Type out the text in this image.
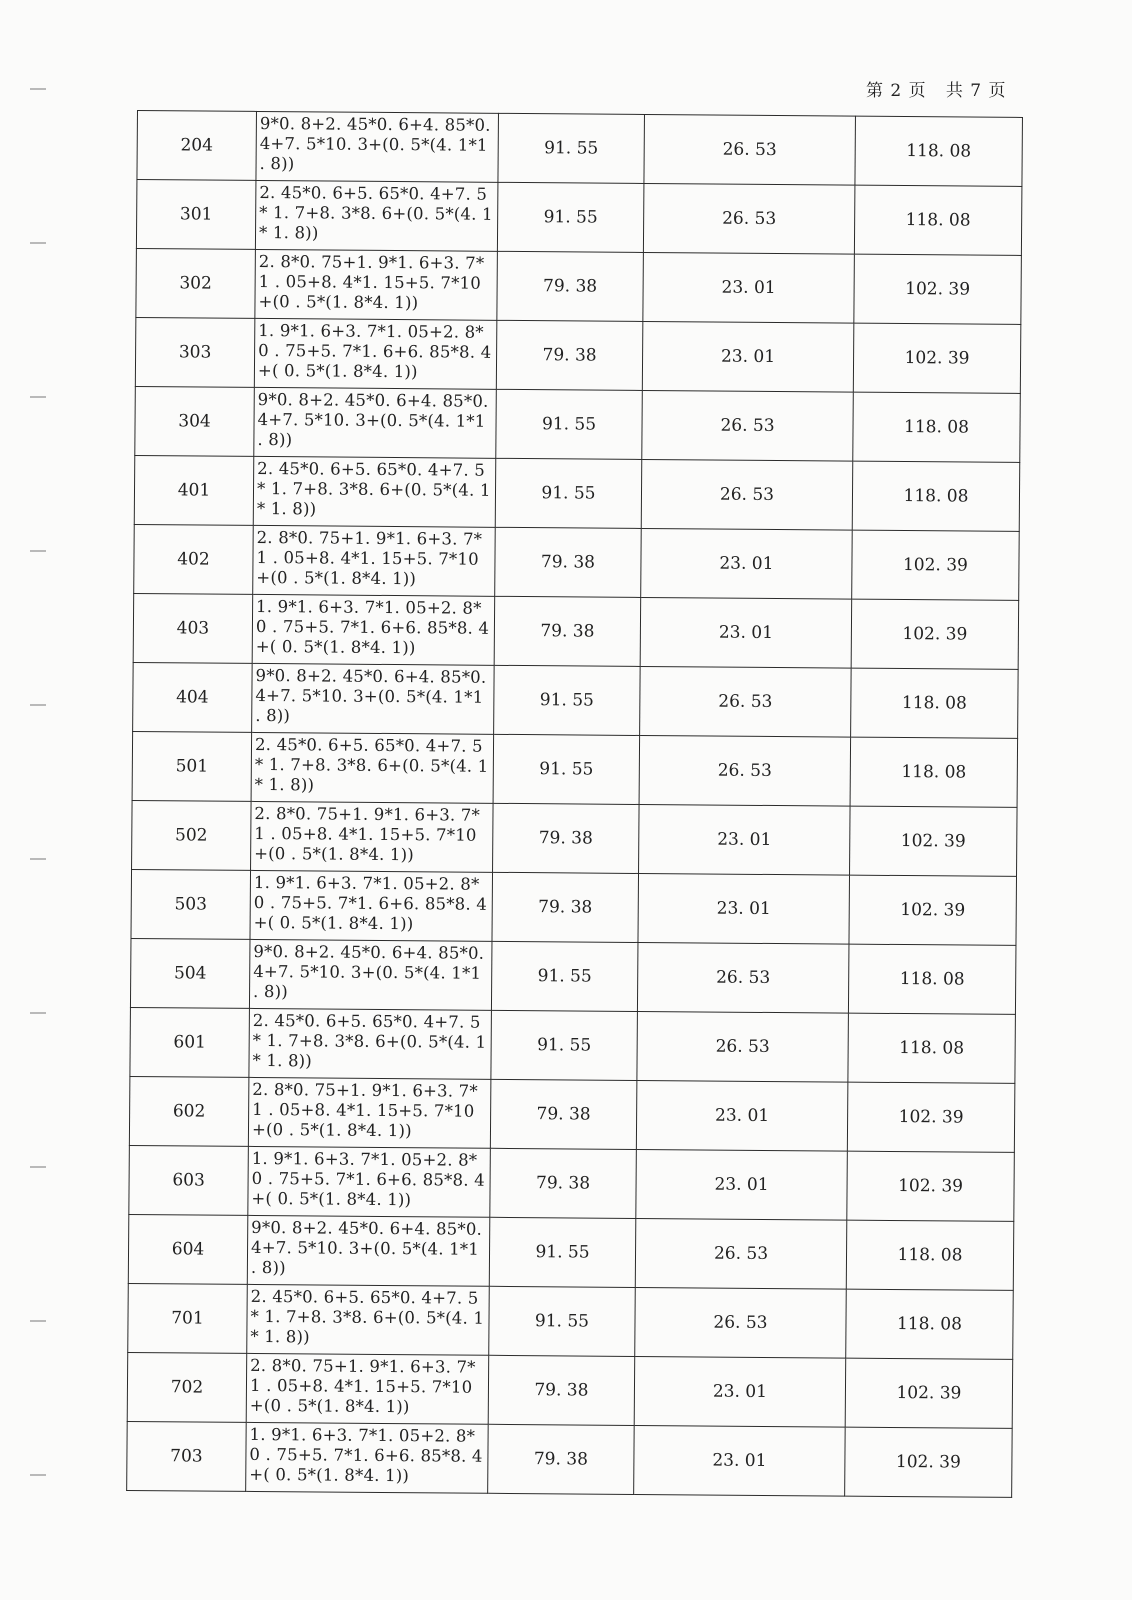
第 2 页   共 7 页
204	9*0. 8+2. 45*0. 6+4. 85*0. 4+7. 5*10. 3+(0. 5*(4. 1*1 . 8))	91. 55	26. 53	118. 08
301	2. 45*0. 6+5. 65*0. 4+7. 5* 1. 7+8. 3*8. 6+(0. 5*(4. 1* 1. 8))	91. 55	26. 53	118. 08
302	2. 8*0. 75+1. 9*1. 6+3. 7*1 . 05+8. 4*1. 15+5. 7*10+(0 . 5*(1. 8*4. 1))	79. 38	23. 01	102. 39
303	1. 9*1. 6+3. 7*1. 05+2. 8*0 . 75+5. 7*1. 6+6. 85*8. 4+( 0. 5*(1. 8*4. 1))	79. 38	23. 01	102. 39
304	9*0. 8+2. 45*0. 6+4. 85*0. 4+7. 5*10. 3+(0. 5*(4. 1*1 . 8))	91. 55	26. 53	118. 08
401	2. 45*0. 6+5. 65*0. 4+7. 5* 1. 7+8. 3*8. 6+(0. 5*(4. 1* 1. 8))	91. 55	26. 53	118. 08
402	2. 8*0. 75+1. 9*1. 6+3. 7*1 . 05+8. 4*1. 15+5. 7*10+(0 . 5*(1. 8*4. 1))	79. 38	23. 01	102. 39
403	1. 9*1. 6+3. 7*1. 05+2. 8*0 . 75+5. 7*1. 6+6. 85*8. 4+( 0. 5*(1. 8*4. 1))	79. 38	23. 01	102. 39
404	9*0. 8+2. 45*0. 6+4. 85*0. 4+7. 5*10. 3+(0. 5*(4. 1*1 . 8))	91. 55	26. 53	118. 08
501	2. 45*0. 6+5. 65*0. 4+7. 5* 1. 7+8. 3*8. 6+(0. 5*(4. 1* 1. 8))	91. 55	26. 53	118. 08
502	2. 8*0. 75+1. 9*1. 6+3. 7*1 . 05+8. 4*1. 15+5. 7*10+(0 . 5*(1. 8*4. 1))	79. 38	23. 01	102. 39
503	1. 9*1. 6+3. 7*1. 05+2. 8*0 . 75+5. 7*1. 6+6. 85*8. 4+( 0. 5*(1. 8*4. 1))	79. 38	23. 01	102. 39
504	9*0. 8+2. 45*0. 6+4. 85*0. 4+7. 5*10. 3+(0. 5*(4. 1*1 . 8))	91. 55	26. 53	118. 08
601	2. 45*0. 6+5. 65*0. 4+7. 5* 1. 7+8. 3*8. 6+(0. 5*(4. 1* 1. 8))	91. 55	26. 53	118. 08
602	2. 8*0. 75+1. 9*1. 6+3. 7*1 . 05+8. 4*1. 15+5. 7*10+(0 . 5*(1. 8*4. 1))	79. 38	23. 01	102. 39
603	1. 9*1. 6+3. 7*1. 05+2. 8*0 . 75+5. 7*1. 6+6. 85*8. 4+( 0. 5*(1. 8*4. 1))	79. 38	23. 01	102. 39
604	9*0. 8+2. 45*0. 6+4. 85*0. 4+7. 5*10. 3+(0. 5*(4. 1*1 . 8))	91. 55	26. 53	118. 08
701	2. 45*0. 6+5. 65*0. 4+7. 5* 1. 7+8. 3*8. 6+(0. 5*(4. 1* 1. 8))	91. 55	26. 53	118. 08
702	2. 8*0. 75+1. 9*1. 6+3. 7*1 . 05+8. 4*1. 15+5. 7*10+(0 . 5*(1. 8*4. 1))	79. 38	23. 01	102. 39
703	1. 9*1. 6+3. 7*1. 05+2. 8*0 . 75+5. 7*1. 6+6. 85*8. 4+( 0. 5*(1. 8*4. 1))	79. 38	23. 01	102. 39
